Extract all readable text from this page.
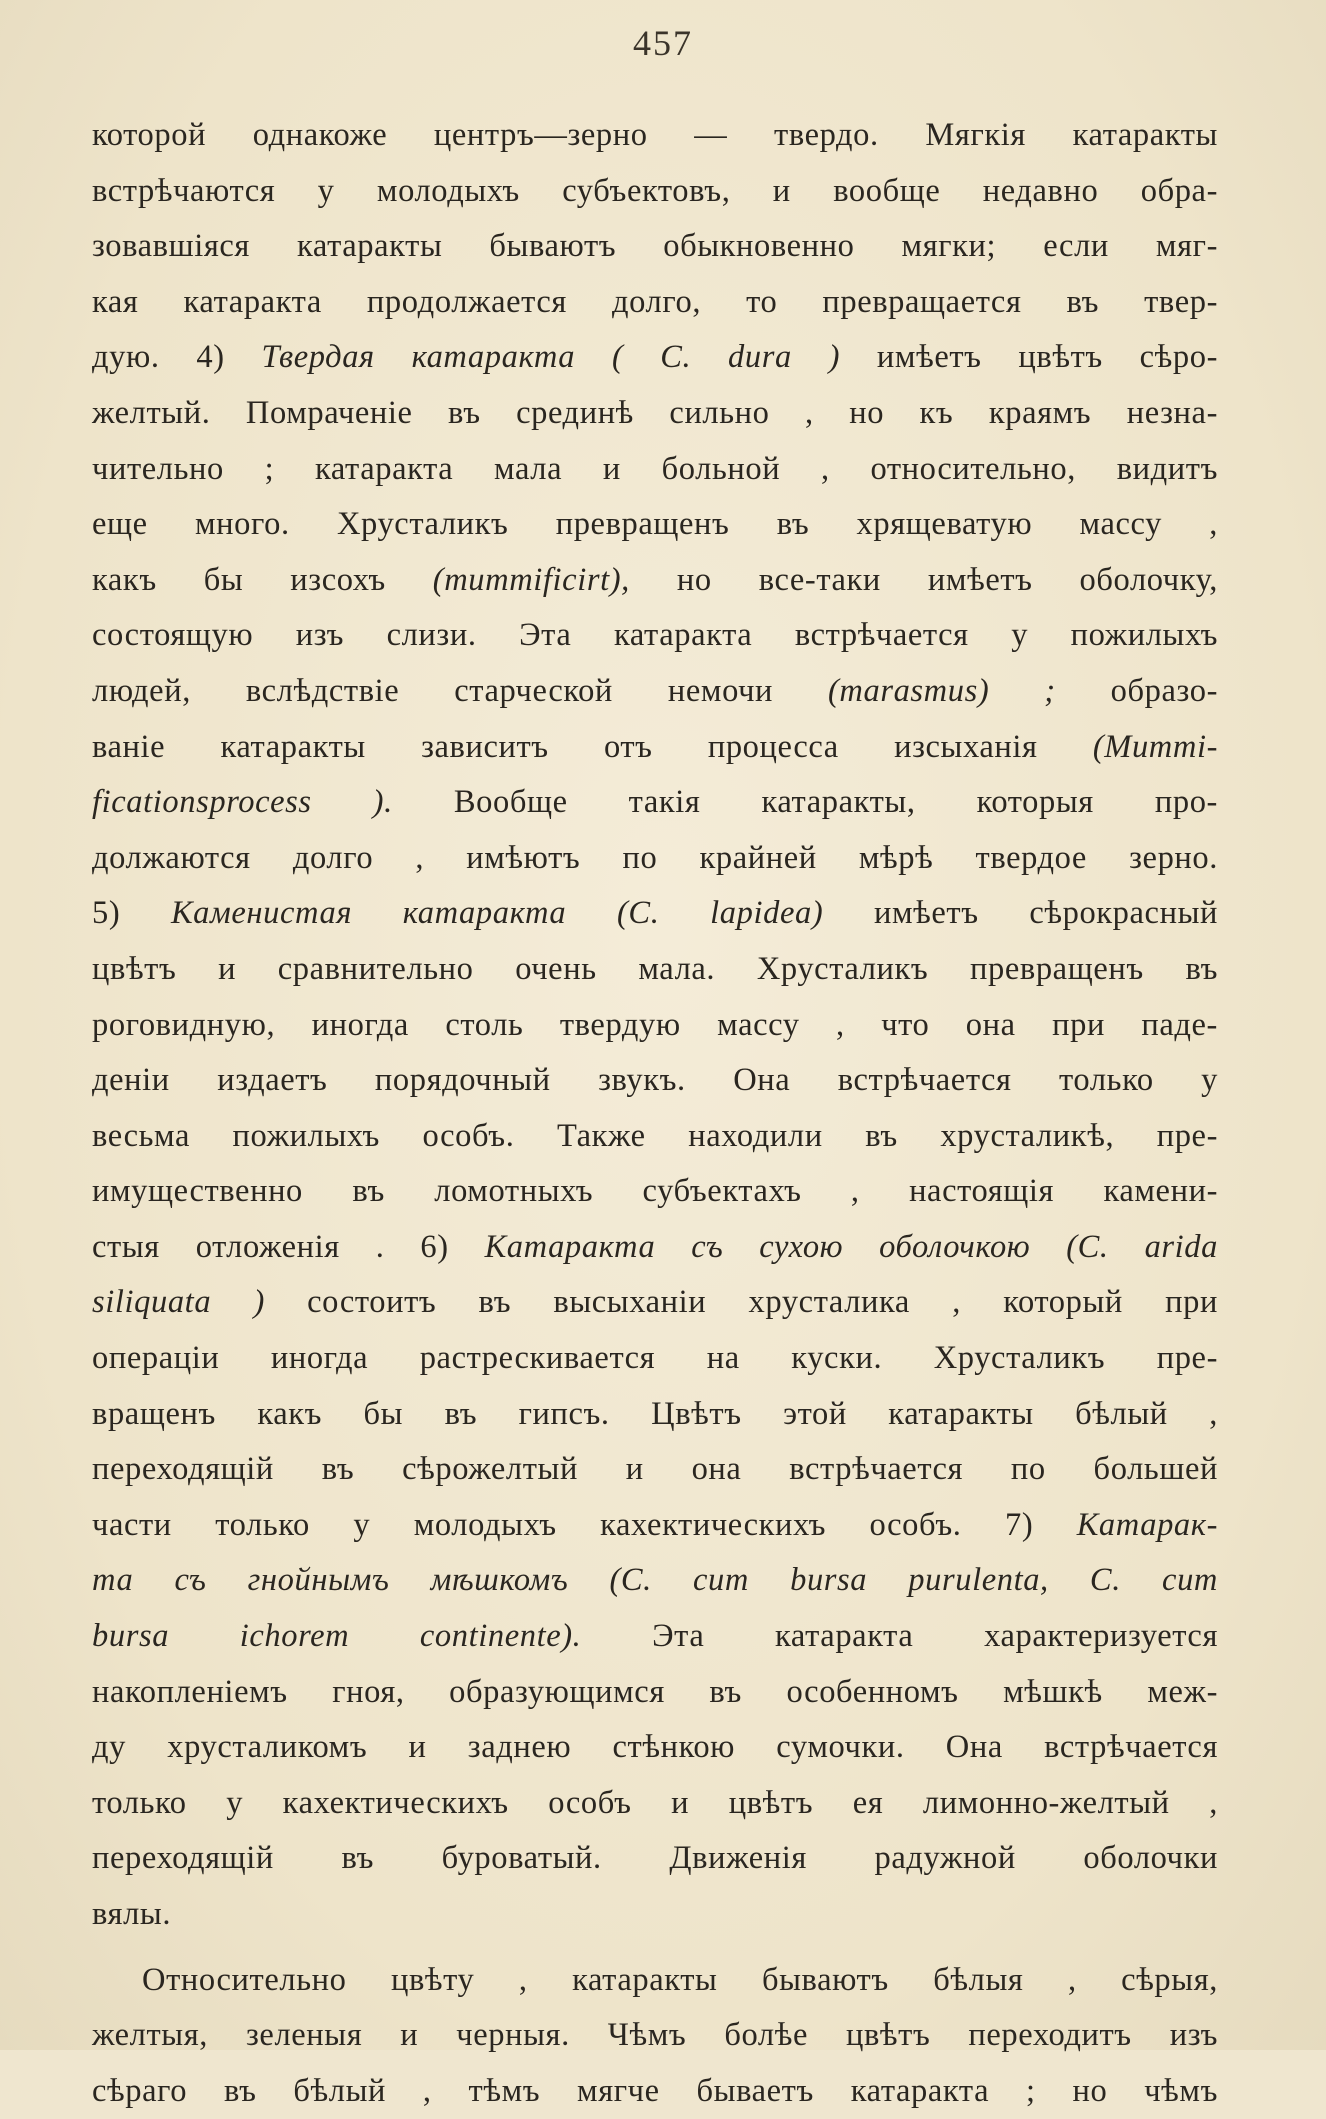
457
которой однакоже центръ—зерно — твердо. Мягкія катаракты
встрѣчаются у молодыхъ субъектовъ, и вообще недавно обра-
зовавшіяся катаракты бываютъ обыкновенно мягки; если мяг-
кая катаракта продолжается долго, то превращается въ твер-
дую. 4) Твердая катаракта ( C. dura ) имѣетъ цвѣтъ сѣро-
желтый. Помраченіе въ срединѣ сильно , но къ краямъ незна-
чительно ; катаракта мала и больной , относительно, видитъ
еще много. Хрусталикъ превращенъ въ хрящеватую массу ,
какъ бы изсохъ (mummificirt), но все-таки имѣетъ оболочку,
состоящую изъ слизи. Эта катаракта встрѣчается у пожилыхъ
людей, вслѣдствіе старческой немочи (marasmus) ; образо-
ваніе катаракты зависитъ отъ процесса изсыханія (Mummi-
ficationsprocess ). Вообще такія катаракты, которыя про-
должаются долго , имѣютъ по крайней мѣрѣ твердое зерно.
5) Каменистая катаракта (C. lapidea) имѣетъ сѣрокрасный
цвѣтъ и сравнительно очень мала. Хрусталикъ превращенъ въ
роговидную, иногда столь твердую массу , что она при паде-
деніи издаетъ порядочный звукъ. Она встрѣчается только у
весьма пожилыхъ особъ. Также находили въ хрусталикѣ, пре-
имущественно въ ломотныхъ субъектахъ , настоящія камени-
стыя отложенія . 6) Катаракта съ сухою оболочкою (C. arida
siliquata ) состоитъ въ высыханіи хрусталика , который при
операціи иногда растрескивается на куски. Хрусталикъ пре-
вращенъ какъ бы въ гипсъ. Цвѣтъ этой катаракты бѣлый ,
переходящій въ сѣрожелтый и она встрѣчается по большей
части только у молодыхъ кахектическихъ особъ. 7) Катарак-
та съ гнойнымъ мѣшкомъ (C. cum bursa purulenta, C. cum
bursa ichorem continente). Эта катаракта характеризуется
накопленіемъ гноя, образующимся въ особенномъ мѣшкѣ меж-
ду хрусталикомъ и заднею стѣнкою сумочки. Она встрѣчается
только у кахектическихъ особъ и цвѣтъ ея лимонно-желтый ,
переходящій въ буроватый. Движенія радужной оболочки
вялы.
Относительно цвѣту , катаракты бываютъ бѣлыя , сѣрыя,
желтыя, зеленыя и черныя. Чѣмъ болѣе цвѣтъ переходитъ изъ
сѣраго въ бѣлый , тѣмъ мягче бываетъ катаракта ; но чѣмъ
